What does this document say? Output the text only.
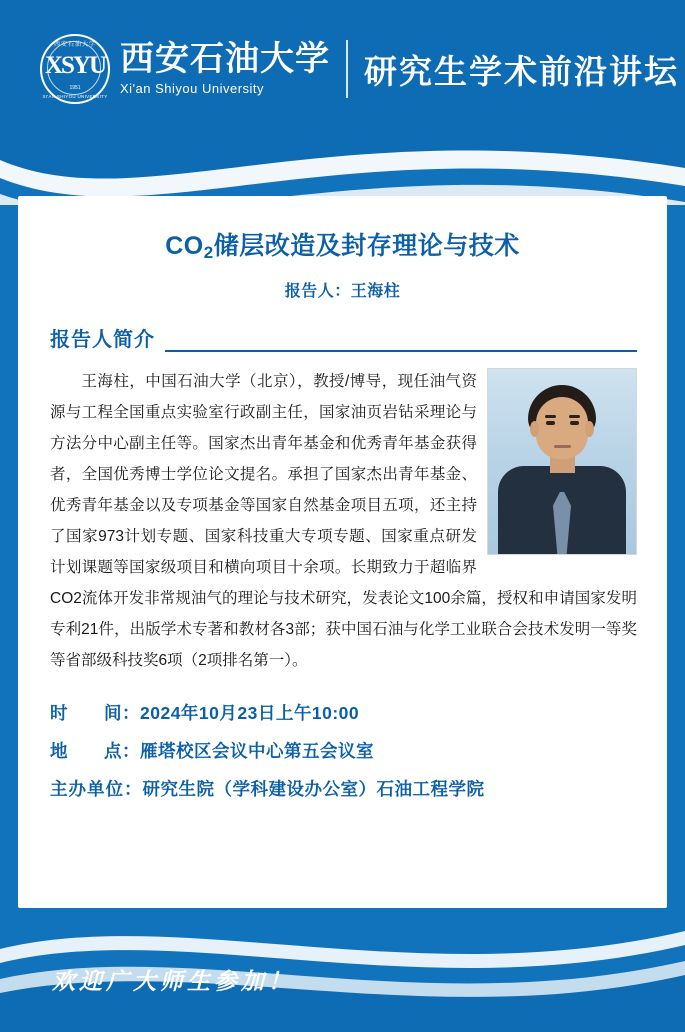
西安石油大学
XSYU
1951
XI'AN SHIYOU UNIVERSITY
西安石油大学
Xi'an Shiyou University	研究生学术前沿讲坛
$CO_2$储层改造及封存理论与技术
报告人：王海柱
报告人简介
王海柱，中国石油大学（北京），教授/博导，现任油气资源与工程全国重点实验室行政副主任，国家油页岩钻采理论与方法分中心副主任等。国家杰出青年基金和优秀青年基金获得者，全国优秀博士学位论文提名。承担了国家杰出青年基金、优秀青年基金以及专项基金等国家自然基金项目五项，还主持了国家973计划专题、国家科技重大专项专题、国家重点研发计划课题等国家级项目和横向项目十余项。长期致力于超临界CO2流体开发非常规油气的理论与技术研究，发表论文100余篇，授权和申请国家发明专利21件，出版学术专著和教材各3部；获中国石油与化学工业联合会技术发明一等奖等省部级科技奖6项（2项排名第一）。
时　　间：2024年10月23日上午10:00
地　　点：雁塔校区会议中心第五会议室
主办单位：研究生院（学科建设办公室）石油工程学院
欢迎广大师生参加！
